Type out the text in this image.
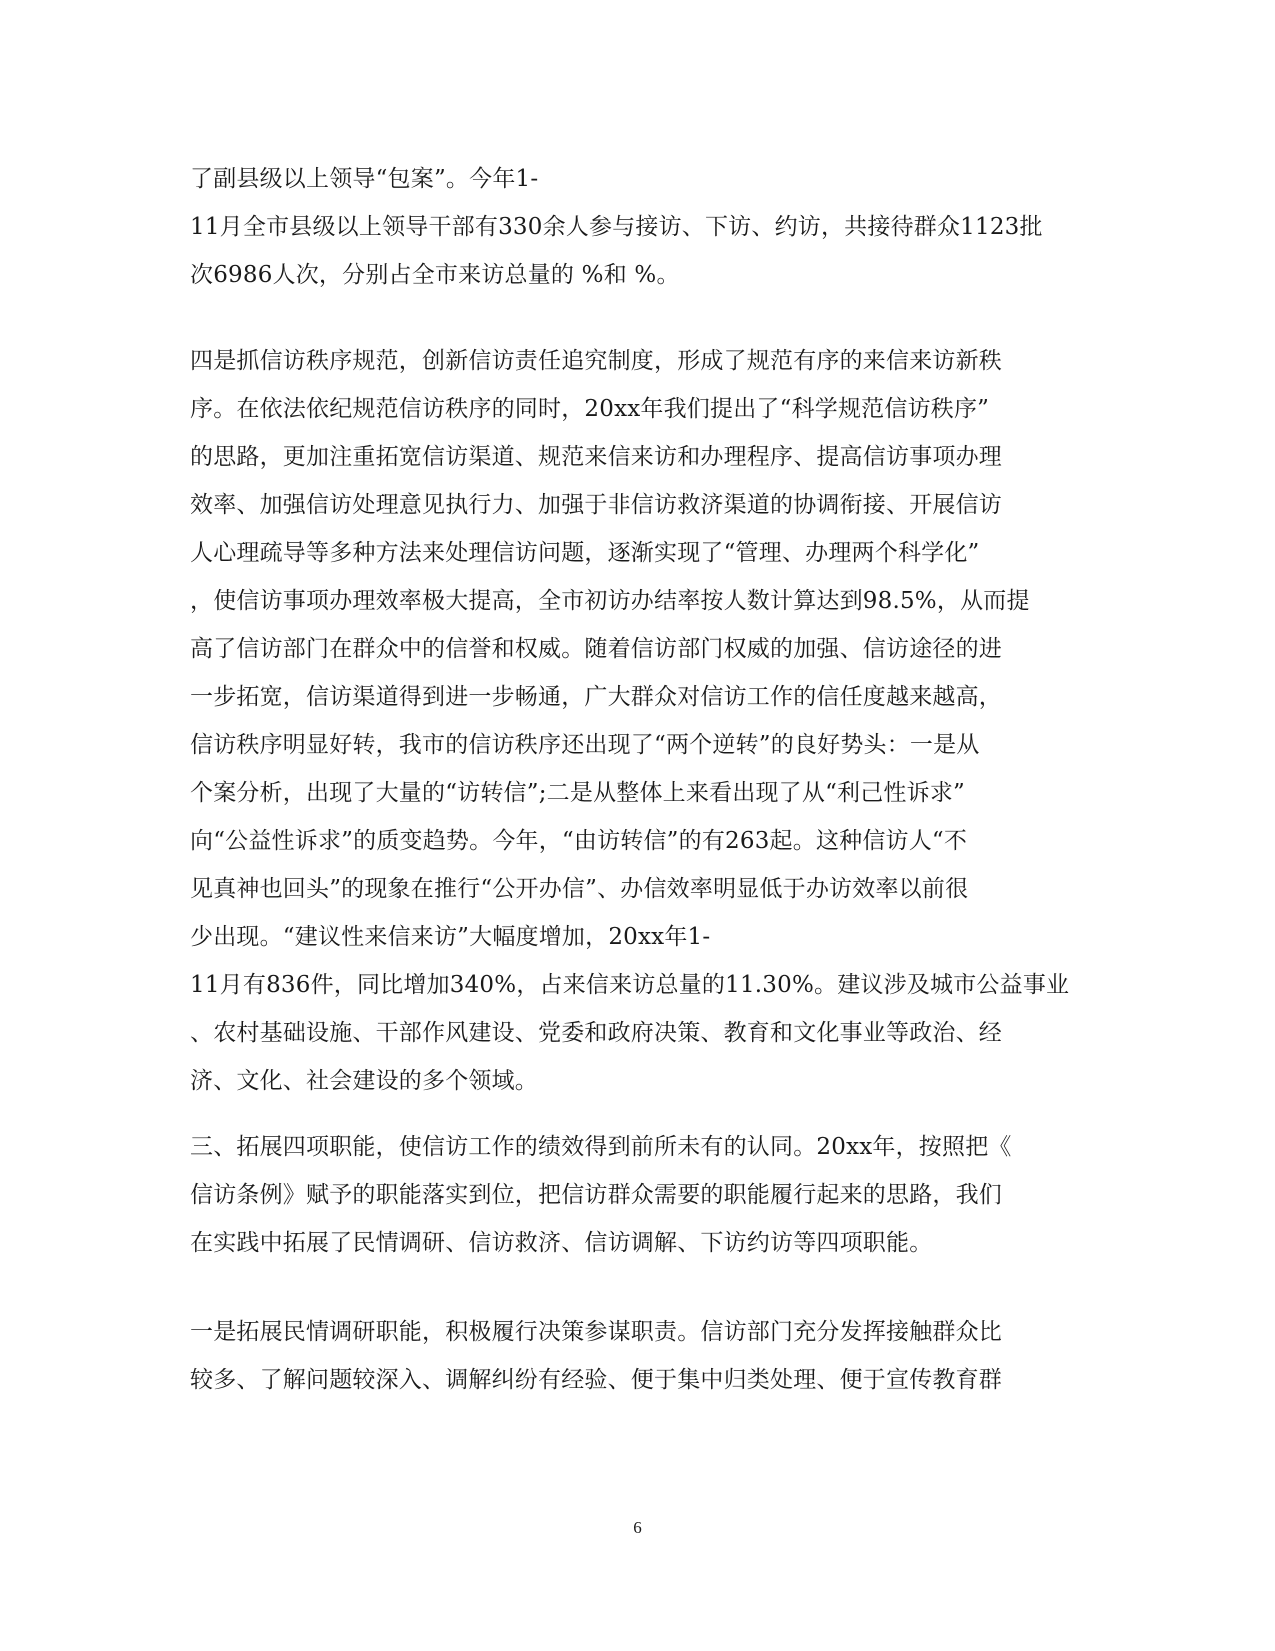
了副县级以上领导“包案”。今年1-
11月全市县级以上领导干部有330余人参与接访、下访、约访，共接待群众1123批
次6986人次，分别占全市来访总量的 %和 %。
四是抓信访秩序规范，创新信访责任追究制度，形成了规范有序的来信来访新秩
序。在依法依纪规范信访秩序的同时，20xx年我们提出了“科学规范信访秩序”
的思路，更加注重拓宽信访渠道、规范来信来访和办理程序、提高信访事项办理
效率、加强信访处理意见执行力、加强于非信访救济渠道的协调衔接、开展信访
人心理疏导等多种方法来处理信访问题，逐渐实现了“管理、办理两个科学化”
，使信访事项办理效率极大提高，全市初访办结率按人数计算达到98.5%，从而提
高了信访部门在群众中的信誉和权威。随着信访部门权威的加强、信访途径的进
一步拓宽，信访渠道得到进一步畅通，广大群众对信访工作的信任度越来越高，
信访秩序明显好转，我市的信访秩序还出现了“两个逆转”的良好势头：一是从
个案分析，出现了大量的“访转信”;二是从整体上来看出现了从“利己性诉求”
向“公益性诉求”的质变趋势。今年，“由访转信”的有263起。这种信访人“不
见真神也回头”的现象在推行“公开办信”、办信效率明显低于办访效率以前很
少出现。“建议性来信来访”大幅度增加，20xx年1-
11月有836件，同比增加340%，占来信来访总量的11.30%。建议涉及城市公益事业
、农村基础设施、干部作风建设、党委和政府决策、教育和文化事业等政治、经
济、文化、社会建设的多个领域。
三、拓展四项职能，使信访工作的绩效得到前所未有的认同。20xx年，按照把《
信访条例》赋予的职能落实到位，把信访群众需要的职能履行起来的思路，我们
在实践中拓展了民情调研、信访救济、信访调解、下访约访等四项职能。
一是拓展民情调研职能，积极履行决策参谋职责。信访部门充分发挥接触群众比
较多、了解问题较深入、调解纠纷有经验、便于集中归类处理、便于宣传教育群
6
